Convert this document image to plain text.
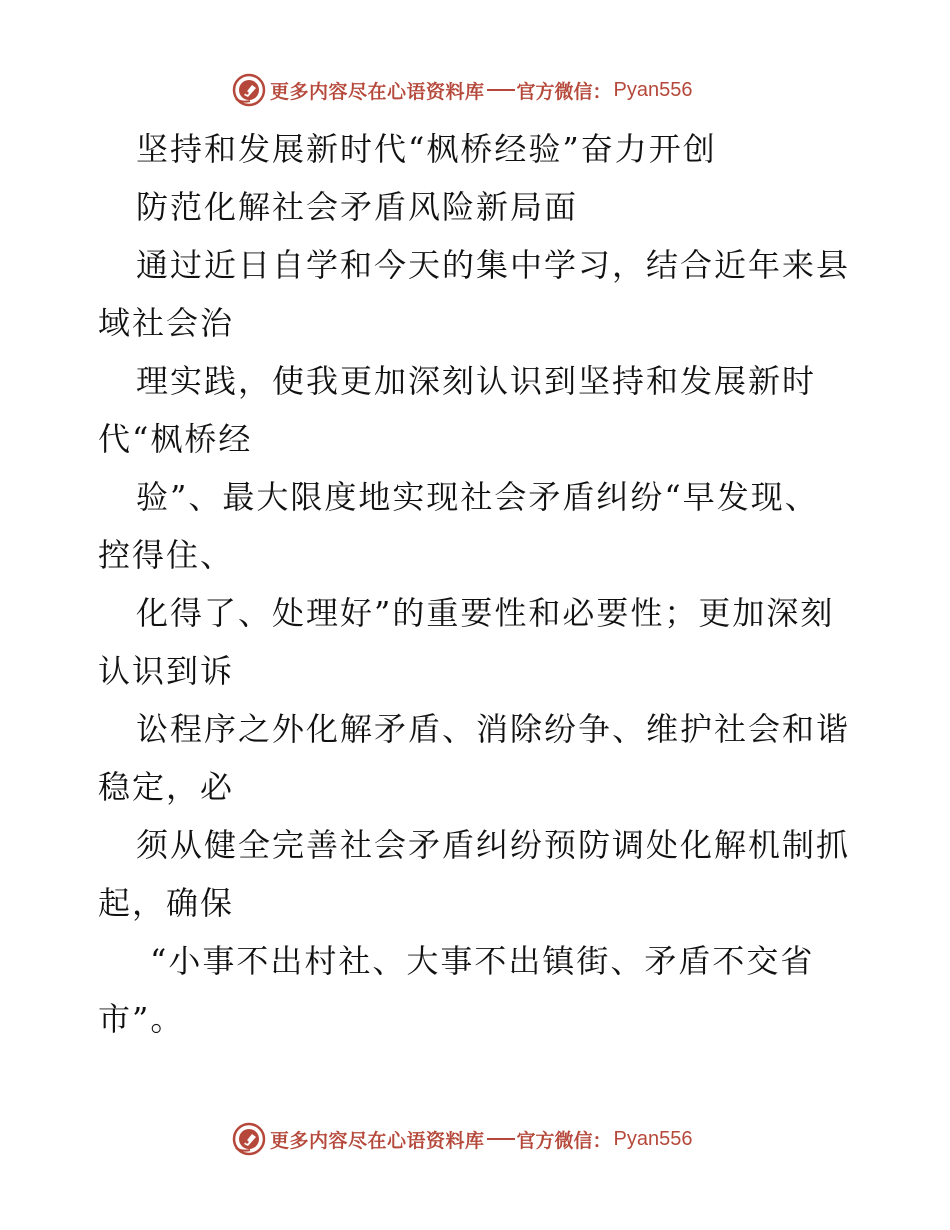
更多内容尽在心语资料库 官方微信： Pyan556
坚持和发展新时代“枫桥经验”奋力开创
防范化解社会矛盾风险新局面
通过近日自学和今天的集中学习，结合近年来县
域社会治
理实践，使我更加深刻认识到坚持和发展新时
代“枫桥经
验”、最大限度地实现社会矛盾纠纷“早发现、
控得住、
化得了、处理好”的重要性和必要性；更加深刻
认识到诉
讼程序之外化解矛盾、消除纷争、维护社会和谐
稳定，必
须从健全完善社会矛盾纠纷预防调处化解机制抓
起，确保
“小事不出村社、大事不出镇街、矛盾不交省
市”。
更多内容尽在心语资料库 官方微信： Pyan556
